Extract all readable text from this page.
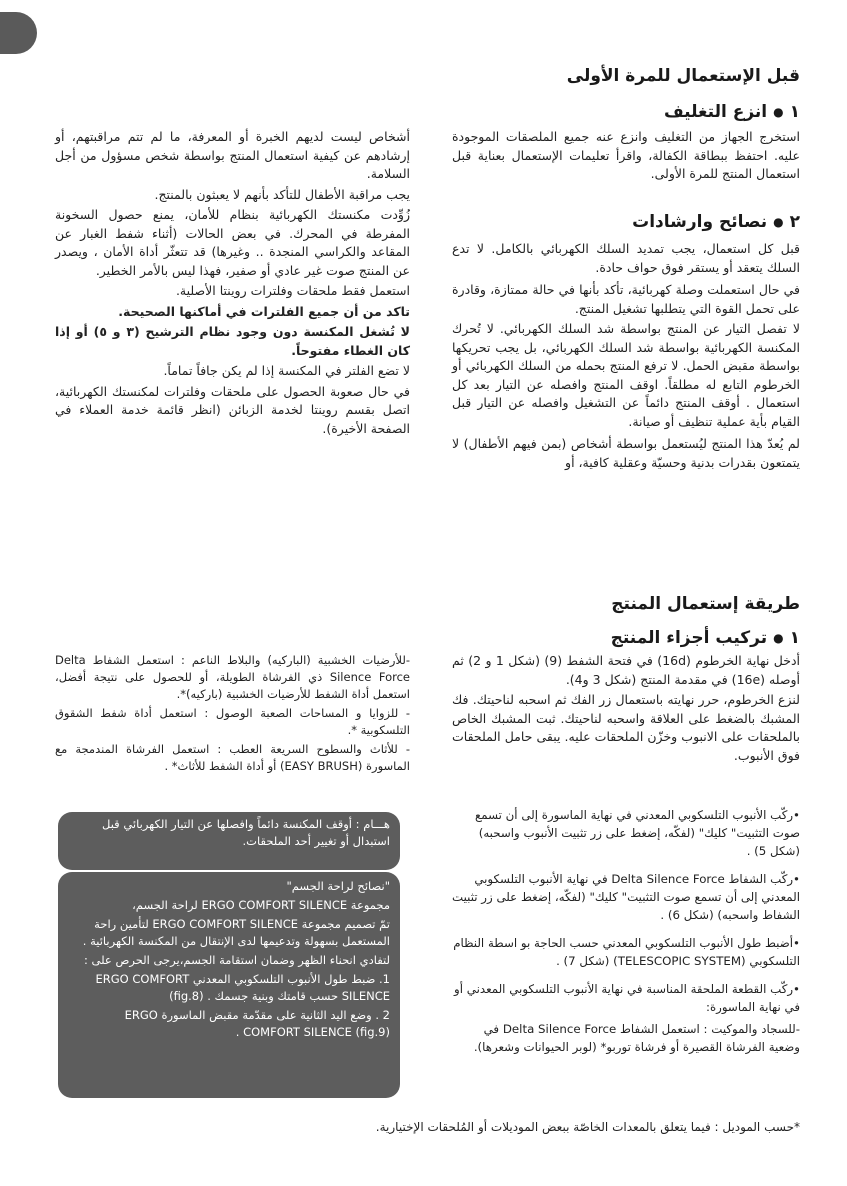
قبل الإستعمال للمرة الأولى
١●انزع التغليف

استخرج الجهاز من التغليف وانزع عنه جميع الملصقات الموجودة عليه. احتفظ ببطاقة الكفالة، واقرأ تعليمات الإستعمال بعناية قبل استعمال المنتج للمرة الأولى.

٢●نصائح وارشادات

قبل كل استعمال، يجب تمديد السلك الكهربائي بالكامل. لا تدع السلك يتعقد أو يستقر فوق حواف حادة.

في حال استعملت وصلة كهربائية، تأكد بأنها في حالة ممتازة، وقادرة على تحمل القوة التي يتطلبها تشغيل المنتج.

لا تفصل التيار عن المنتج بواسطة شد السلك الكهربائي. لا تُحرك المكنسة الكهربائية بواسطة شد السلك الكهربائي، بل يجب تحريكها بواسطة مقبض الحمل. لا ترفع المنتج بحمله من السلك الكهربائي أو الخرطوم التابع له مطلقاً. اوقف المنتج وافصله عن التيار بعد كل استعمال . أوقف المنتج دائماً عن التشغيل وافصله عن التيار قبل القيام بأية عملية تنظيف أو صيانة.

لم يُعدّ هذا المنتج ليُستعمل بواسطة أشخاص (بمن فيهم الأطفال) لا يتمتعون بقدرات بدنية وحسيّة وعقلية كافية، أو

أشخاص ليست لديهم الخبرة أو المعرفة، ما لم تتم مراقبتهم، أو إرشادهم عن كيفية استعمال المنتج بواسطة شخص مسؤول من أجل السلامة.

يجب مراقبة الأطفال للتأكد بأنهم لا يعبثون بالمنتج.

زُوِّدت مكنستك الكهربائية بنظام للأمان، يمنع حصول السخونة المفرطة في المحرك. في بعض الحالات (أثناء شفط الغبار عن المقاعد والكراسي المنجدة .. وغيرها) قد تتعثّر أداة الأمان ، ويصدر عن المنتج صوت غير عادي أو صفير، فهذا ليس بالأمر الخطير.

استعمل فقط ملحقات وفلترات روينتا الأصلية.

تاكد من أن جميع الفلترات في أماكنها الصحيحة.

لا تُشغل المكنسة دون وجود نظام الترشيح (٣ و ٥) أو إذا كان الغطاء مفتوحاً.

لا تضع الفلتر في المكنسة إذا لم يكن جافاً تماماً.

في حال صعوبة الحصول على ملحقات وفلترات لمكنستك الكهربائية، اتصل بقسم روينتا لخدمة الزبائن (انظر قائمة خدمة العملاء في الصفحة الأخيرة).

طريقة إستعمال المنتج
١●تركيب أجزاء المنتج

أدخل نهاية الخرطوم (16d) في فتحة الشفط (9) (شكل 1 و 2) ثم أوصله (16e) في مقدمة المنتج (شكل 3 و4).

لنزع الخرطوم، حرر نهايته باستعمال زر الفك ثم اسحبه لناحيتك. فك المشبك بالضغط على العلاقة واسحبه لناحيتك. ثبت المشبك الخاص بالملحقات على الانبوب وخزّن الملحقات عليه. يبقى حامل الملحقات فوق الأنبوب.

•ركّب الأنبوب التلسكوبي المعدني في نهاية الماسورة إلى أن تسمع صوت التثبيت" كليك" (لفكّه، إضغط على زر تثبيت الأنبوب واسحبه) (شكل 5) .

•ركّب الشفاط Delta Silence Force في نهاية الأنبوب التلسكوبي المعدني إلى أن تسمع صوت التثبيت" كليك" (لفكّه، إضغط على زر تثبيت الشفاط واسحبه) (شكل 6) .

•أضبط طول الأنبوب التلسكوبي المعدني حسب الحاجة بو اسطة النظام التلسكوبي (TELESCOPIC SYSTEM) (شكل 7) .

•ركّب القطعة الملحقة المناسبة في نهاية الأنبوب التلسكوبي المعدني أو في نهاية الماسورة:

-للسجاد والموكيت : استعمل الشفاط Delta Silence Force في وضعية الفرشاة القصيرة أو فرشاة توربو* (لوبر الحيوانات وشعرها).

-للأرضيات الخشبية (الباركيه) والبلاط الناعم : استعمل الشفاط Delta Silence Force ذي الفرشاة الطويلة، أو للحصول على نتيجة أفضل، استعمل أداة الشفط للأرضيات الخشبية (باركيه)*.

- للزوايا و المساحات الصعبة الوصول : استعمل أداة شفط الشقوق التلسكوبية *.

- للأثاث والسطوح السريعة العطب : استعمل الفرشاة المندمجة مع الماسورة (EASY BRUSH) أو أداة الشفط للأثاث* .

هـــام : أوقف المكنسة دائماً وافصلها عن التيار الكهربائي قبل استبدال أو تغيير أحد الملحقات.

"نصائح لراحة الجسم"

مجموعة ERGO COMFORT SILENCE لراحة الجسم،

تمّ تصميم مجموعة ERGO COMFORT SILENCE لتأمين راحة المستعمل بسهولة وتدعيمها لدى الإنتقال من المكنسة الكهربائية .

لتفادي انحناء الظهر وضمان استقامة الجسم،يرجى الحرص على :

1. ضبط طول الأنبوب التلسكوبي المعدني ERGO COMFORT SILENCE حسب قامتك وبنية جسمك . (fig.8)

2 . وضع اليد الثانية على مقدّمة مقبض الماسورة ERGO COMFORT SILENCE (fig.9) .

*حسب الموديل : فيما يتعلق بالمعدات الخاصّة ببعض الموديلات أو المُلحقات الإختيارية.
